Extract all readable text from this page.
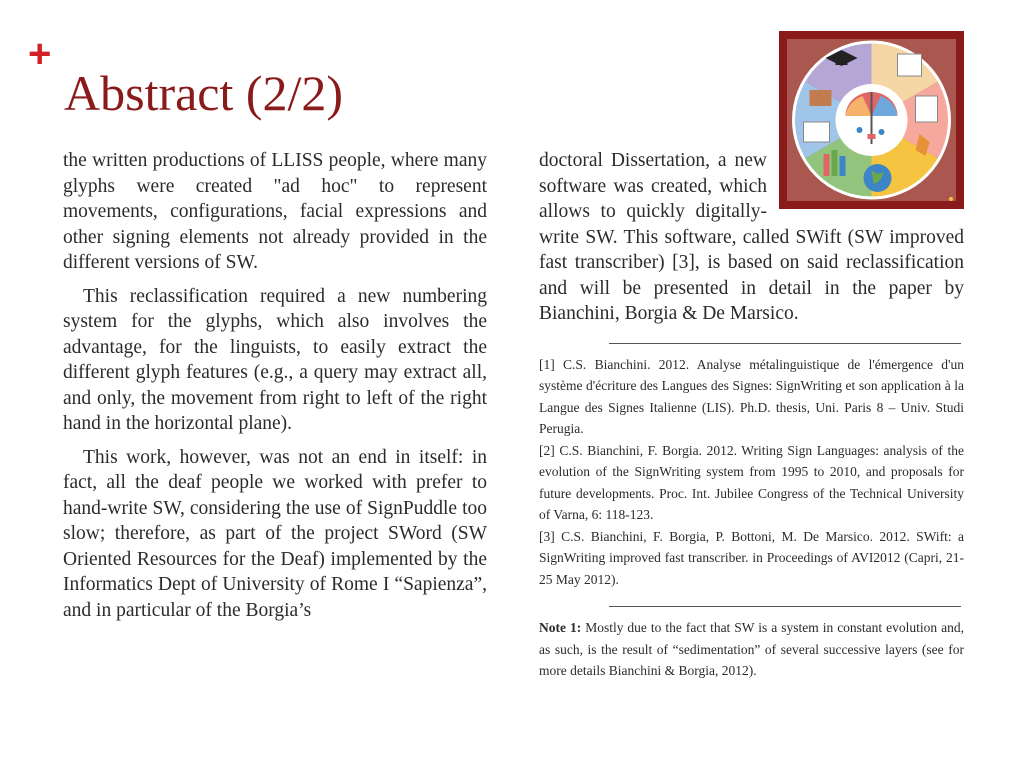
+
Abstract (2/2)

the written productions of LLISS people, where many glyphs were created "ad hoc" to represent movements, configurations, facial expressions and other signing elements not already provided in the different versions of SW.

This reclassification required a new numbering system for the glyphs, which also involves the advantage, for the linguists, to easily extract the different glyph features (e.g., a query may extract all, and only, the movement from right to left of the right hand in the horizontal plane).

This work, however, was not an end in itself: in fact, all the deaf people we worked with prefer to hand-write SW, considering the use of SignPuddle too slow; therefore, as part of the project SWord (SW Oriented Resources for the Deaf) implemented by the Informatics Dept of University of Rome I “Sapienza”, and in particular of the Borgia’s

doctoral Dissertation, a new software was created, which allows to quickly digitally-write SW. This software, called SWift (SW improved fast transcriber) [3], is based on said reclassification and will be presented in detail in the paper by Bianchini, Borgia & De Marsico.

[1] C.S. Bianchini. 2012. Analyse métalinguistique de l'émergence d'un système d'écriture des Langues des Signes: SignWriting et son application à la Langue des Signes Italienne (LIS). Ph.D. thesis, Uni. Paris 8 – Univ. Studi Perugia.

[2] C.S. Bianchini, F. Borgia. 2012. Writing Sign Languages: analysis of the evolution of the SignWriting system from 1995 to 2010, and proposals for future developments. Proc. Int. Jubilee Congress of the Technical University of Varna, 6: 118-123.

[3] C.S. Bianchini, F. Borgia, P. Bottoni, M. De Marsico. 2012. SWift: a SignWriting improved fast transcriber. in Proceedings of AVI2012 (Capri, 21-25 May 2012).

Note 1: Mostly due to the fact that SW is a system in constant evolution and, as such, is the result of “sedimentation” of several successive layers (see for more details Bianchini & Borgia, 2012).
